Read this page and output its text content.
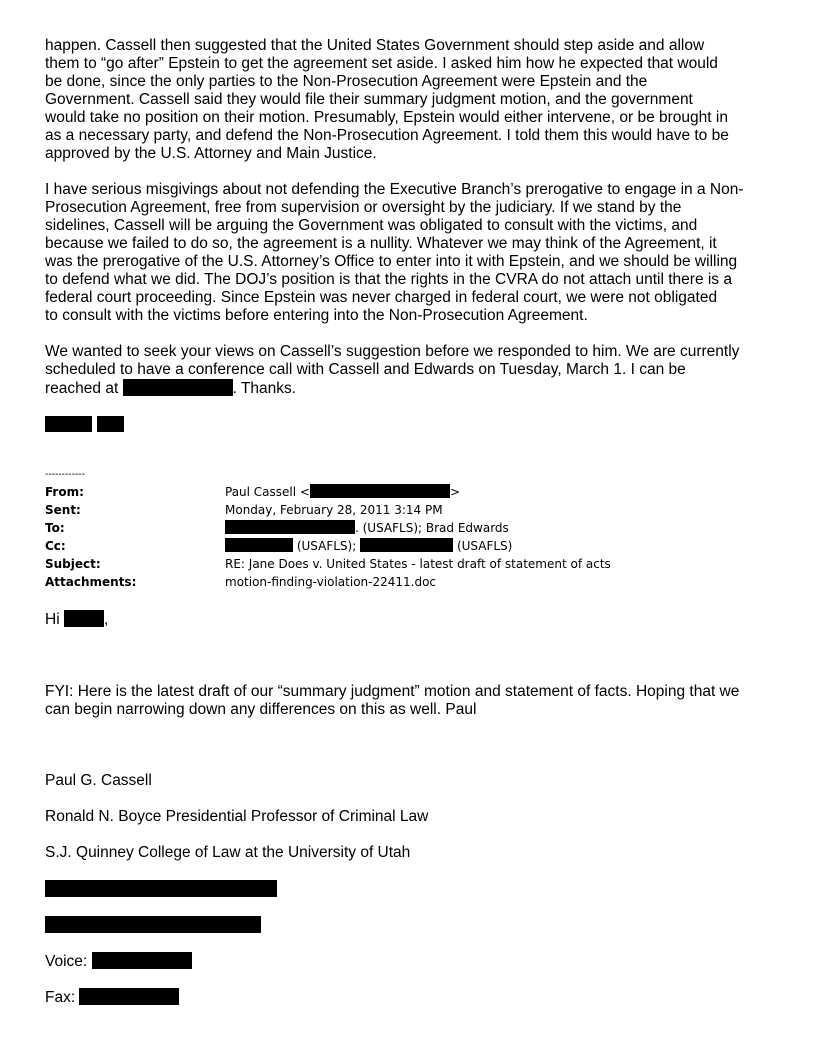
happen. Cassell then suggested that the United States Government should step aside and allow
them to “go after” Epstein to get the agreement set aside. I asked him how he expected that would
be done, since the only parties to the Non-Prosecution Agreement were Epstein and the
Government. Cassell said they would file their summary judgment motion, and the government
would take no position on their motion. Presumably, Epstein would either intervene, or be brought in
as a necessary party, and defend the Non-Prosecution Agreement. I told them this would have to be
approved by the U.S. Attorney and Main Justice.
I have serious misgivings about not defending the Executive Branch’s prerogative to engage in a Non-
Prosecution Agreement, free from supervision or oversight by the judiciary. If we stand by the
sidelines, Cassell will be arguing the Government was obligated to consult with the victims, and
because we failed to do so, the agreement is a nullity. Whatever we may think of the Agreement, it
was the prerogative of the U.S. Attorney’s Office to enter into it with Epstein, and we should be willing
to defend what we did. The DOJ’s position is that the rights in the CVRA do not attach until there is a
federal court proceeding. Since Epstein was never charged in federal court, we were not obligated
to consult with the victims before entering into the Non-Prosecution Agreement.
We wanted to seek your views on Cassell’s suggestion before we responded to him. We are currently
scheduled to have a conference call with Cassell and Edwards on Tuesday, March 1. I can be
reached at	. Thanks.
------------
From:	Paul Cassell <	>
Sent:	Monday, February 28, 2011 3:14 PM
To:	. (USAFLS); Brad Edwards
Cc:	(USAFLS);	(USAFLS)
Subject:	RE: Jane Does v. United States - latest draft of statement of acts
Attachments:	motion-finding-violation-22411.doc
Hi	,
FYI: Here is the latest draft of our “summary judgment” motion and statement of facts. Hoping that we
can begin narrowing down any differences on this as well. Paul
Paul G. Cassell
Ronald N. Boyce Presidential Professor of Criminal Law
S.J. Quinney College of Law at the University of Utah
Voice:
Fax:
